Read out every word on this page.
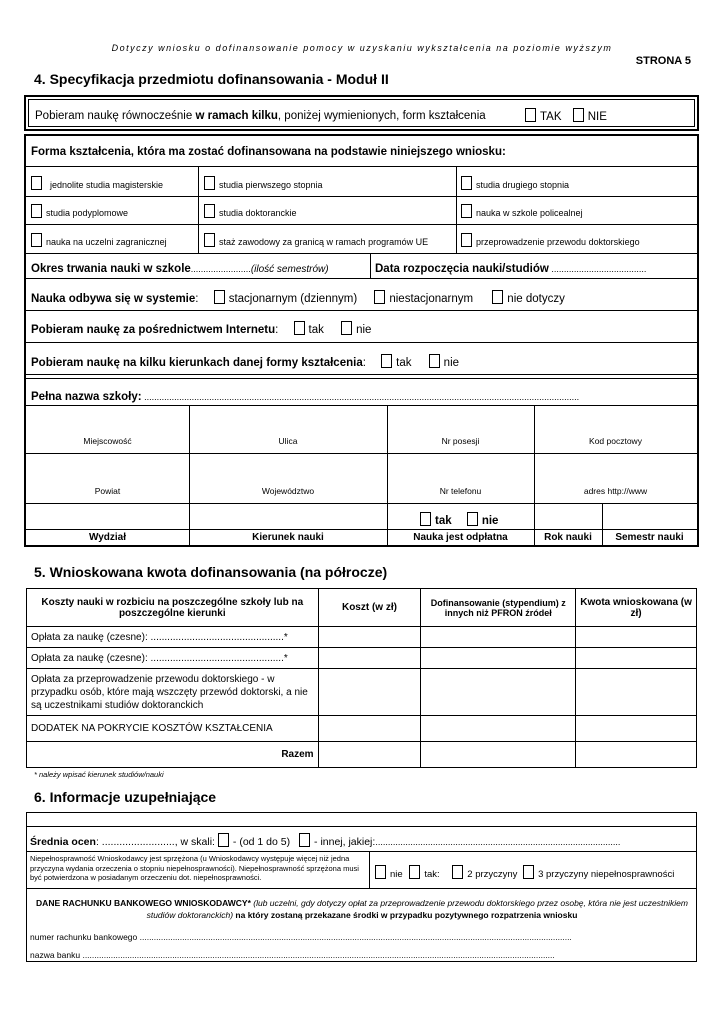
Dotyczy wniosku o dofinansowanie pomocy w uzyskaniu wykształcenia na poziomie wyższym
STRONA 5
4. Specyfikacja przedmiotu dofinansowania - Moduł II
Pobieram naukę równocześnie w ramach kilku, poniżej wymienionych, form kształcenia	TAK NIE
Forma kształcenia, która ma zostać dofinansowana na podstawie niniejszego wniosku:
jednolite studia magisterskie	studia pierwszego stopnia	studia drugiego stopnia
studia podyplomowe	studia doktoranckie	nauka w szkole policealnej
nauka na uczelni zagranicznej	staż zawodowy za granicą w ramach programów UE	przeprowadzenie przewodu doktorskiego
Okres trwania nauki w szkole........................(ilość semestrów)	Data rozpoczęcia nauki/studiów ......................................
Nauka odbywa się w systemie:	stacjonarnym (dziennym)	niestacjonarnym	nie dotyczy
Pobieram naukę za pośrednictwem Internetu:	tak	nie
Pobieram naukę na kilku kierunkach danej formy kształcenia:	tak	nie
Pełna nazwa szkoły: ..............................................................................................................................................................................
Miejscowość	Ulica	Nr posesji	Kod pocztowy
Powiat	Województwo	Nr telefonu	adres http://www
tak	nie
Wydział	Kierunek nauki	Nauka jest odpłatna	Rok nauki	Semestr nauki
5. Wnioskowana kwota dofinansowania (na półrocze)
Koszty nauki w rozbiciu na poszczególne szkoły lub na poszczególne kierunki	Koszt (w zł)	Dofinansowanie (stypendium) z innych niż PFRON źródeł	Kwota wnioskowana (w zł)
Opłata za naukę (czesne): ................................................*			
Opłata za naukę (czesne): ................................................*			
Opłata za przeprowadzenie przewodu doktorskiego - w przypadku osób, które mają wszczęty przewód doktorski, a nie są uczestnikami studiów doktoranckich			
DODATEK NA POKRYCIE KOSZTÓW KSZTAŁCENIA			
Razem			
* należy wpisać kierunek studiów/nauki
6. Informacje uzupełniające
Średnia ocen: ........................., w skali: - (od 1 do 5) - innej, jakiej:..................................................................................................
Niepełnosprawność Wnioskodawcy jest sprzężona (u Wnioskodawcy występuje więcej niż jedna przyczyna wydania orzeczenia o stopniu niepełnosprawności). Niepełnosprawność sprzężona musi być potwierdzona w posiadanym orzeczeniu dot. niepełnosprawności.	nie tak:	2 przyczyny 3 przyczyny niepełnosprawności
DANE RACHUNKU BANKOWEGO WNIOSKODAWCY* (lub uczelni, gdy dotyczy opłat za przeprowadzenie przewodu doktorskiego przez osobę, która nie jest uczestnikiem studiów doktoranckich) na który zostaną przekazane środki w przypadku pozytywnego rozpatrzenia wniosku
numer rachunku bankowego .......................................................................................................................................................................................
nazwa banku ........................................................................................................................................................................................................
